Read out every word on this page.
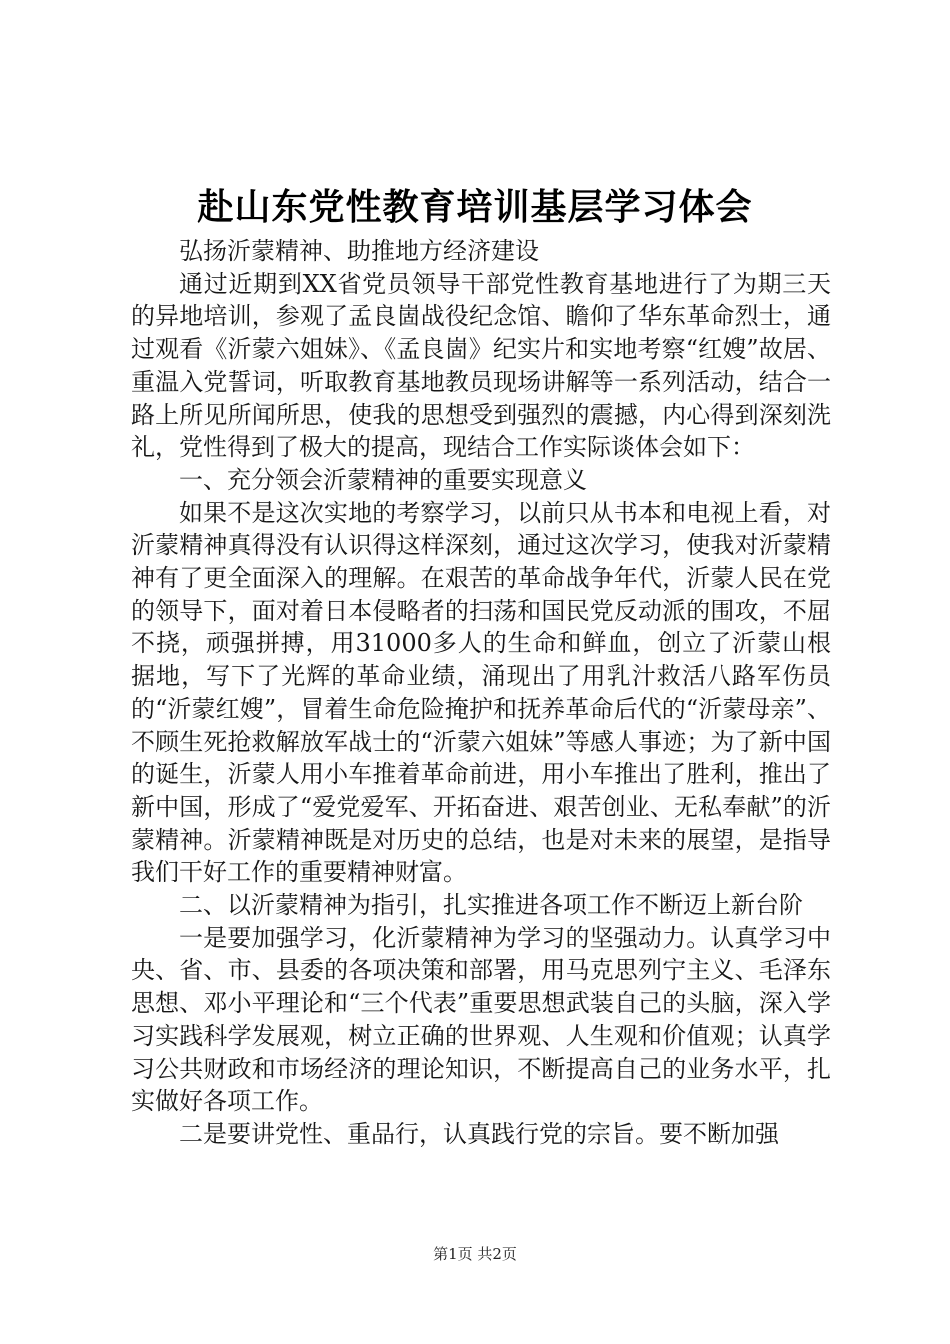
赴山东党性教育培训基层学习体会

弘扬沂蒙精神、助推地方经济建设

通过近期到XX省党员领导干部党性教育基地进行了为期三天的异地培训，参观了孟良崮战役纪念馆、瞻仰了华东革命烈士，通过观看《沂蒙六姐妹》、《孟良崮》纪实片和实地考察“红嫂”故居、重温入党誓词，听取教育基地教员现场讲解等一系列活动，结合一路上所见所闻所思，使我的思想受到强烈的震撼，内心得到深刻洗礼，党性得到了极大的提高，现结合工作实际谈体会如下：

一、充分领会沂蒙精神的重要实现意义

如果不是这次实地的考察学习，以前只从书本和电视上看，对沂蒙精神真得没有认识得这样深刻，通过这次学习，使我对沂蒙精神有了更全面深入的理解。在艰苦的革命战争年代，沂蒙人民在党的领导下，面对着日本侵略者的扫荡和国民党反动派的围攻，不屈不挠，顽强拼搏，用31000多人的生命和鲜血，创立了沂蒙山根据地，写下了光辉的革命业绩，涌现出了用乳汁救活八路军伤员的“沂蒙红嫂”，冒着生命危险掩护和抚养革命后代的“沂蒙母亲”、不顾生死抢救解放军战士的“沂蒙六姐妹”等感人事迹；为了新中国的诞生，沂蒙人用小车推着革命前进，用小车推出了胜利，推出了新中国，形成了“爱党爱军、开拓奋进、艰苦创业、无私奉献”的沂蒙精神。沂蒙精神既是对历史的总结，也是对未来的展望，是指导我们干好工作的重要精神财富。

二、以沂蒙精神为指引，扎实推进各项工作不断迈上新台阶

一是要加强学习，化沂蒙精神为学习的坚强动力。认真学习中央、省、市、县委的各项决策和部署，用马克思列宁主义、毛泽东思想、邓小平理论和“三个代表”重要思想武装自己的头脑，深入学习实践科学发展观，树立正确的世界观、人生观和价值观；认真学习公共财政和市场经济的理论知识，不断提高自己的业务水平，扎实做好各项工作。

二是要讲党性、重品行，认真践行党的宗旨。要不断加强

第1页 共2页
